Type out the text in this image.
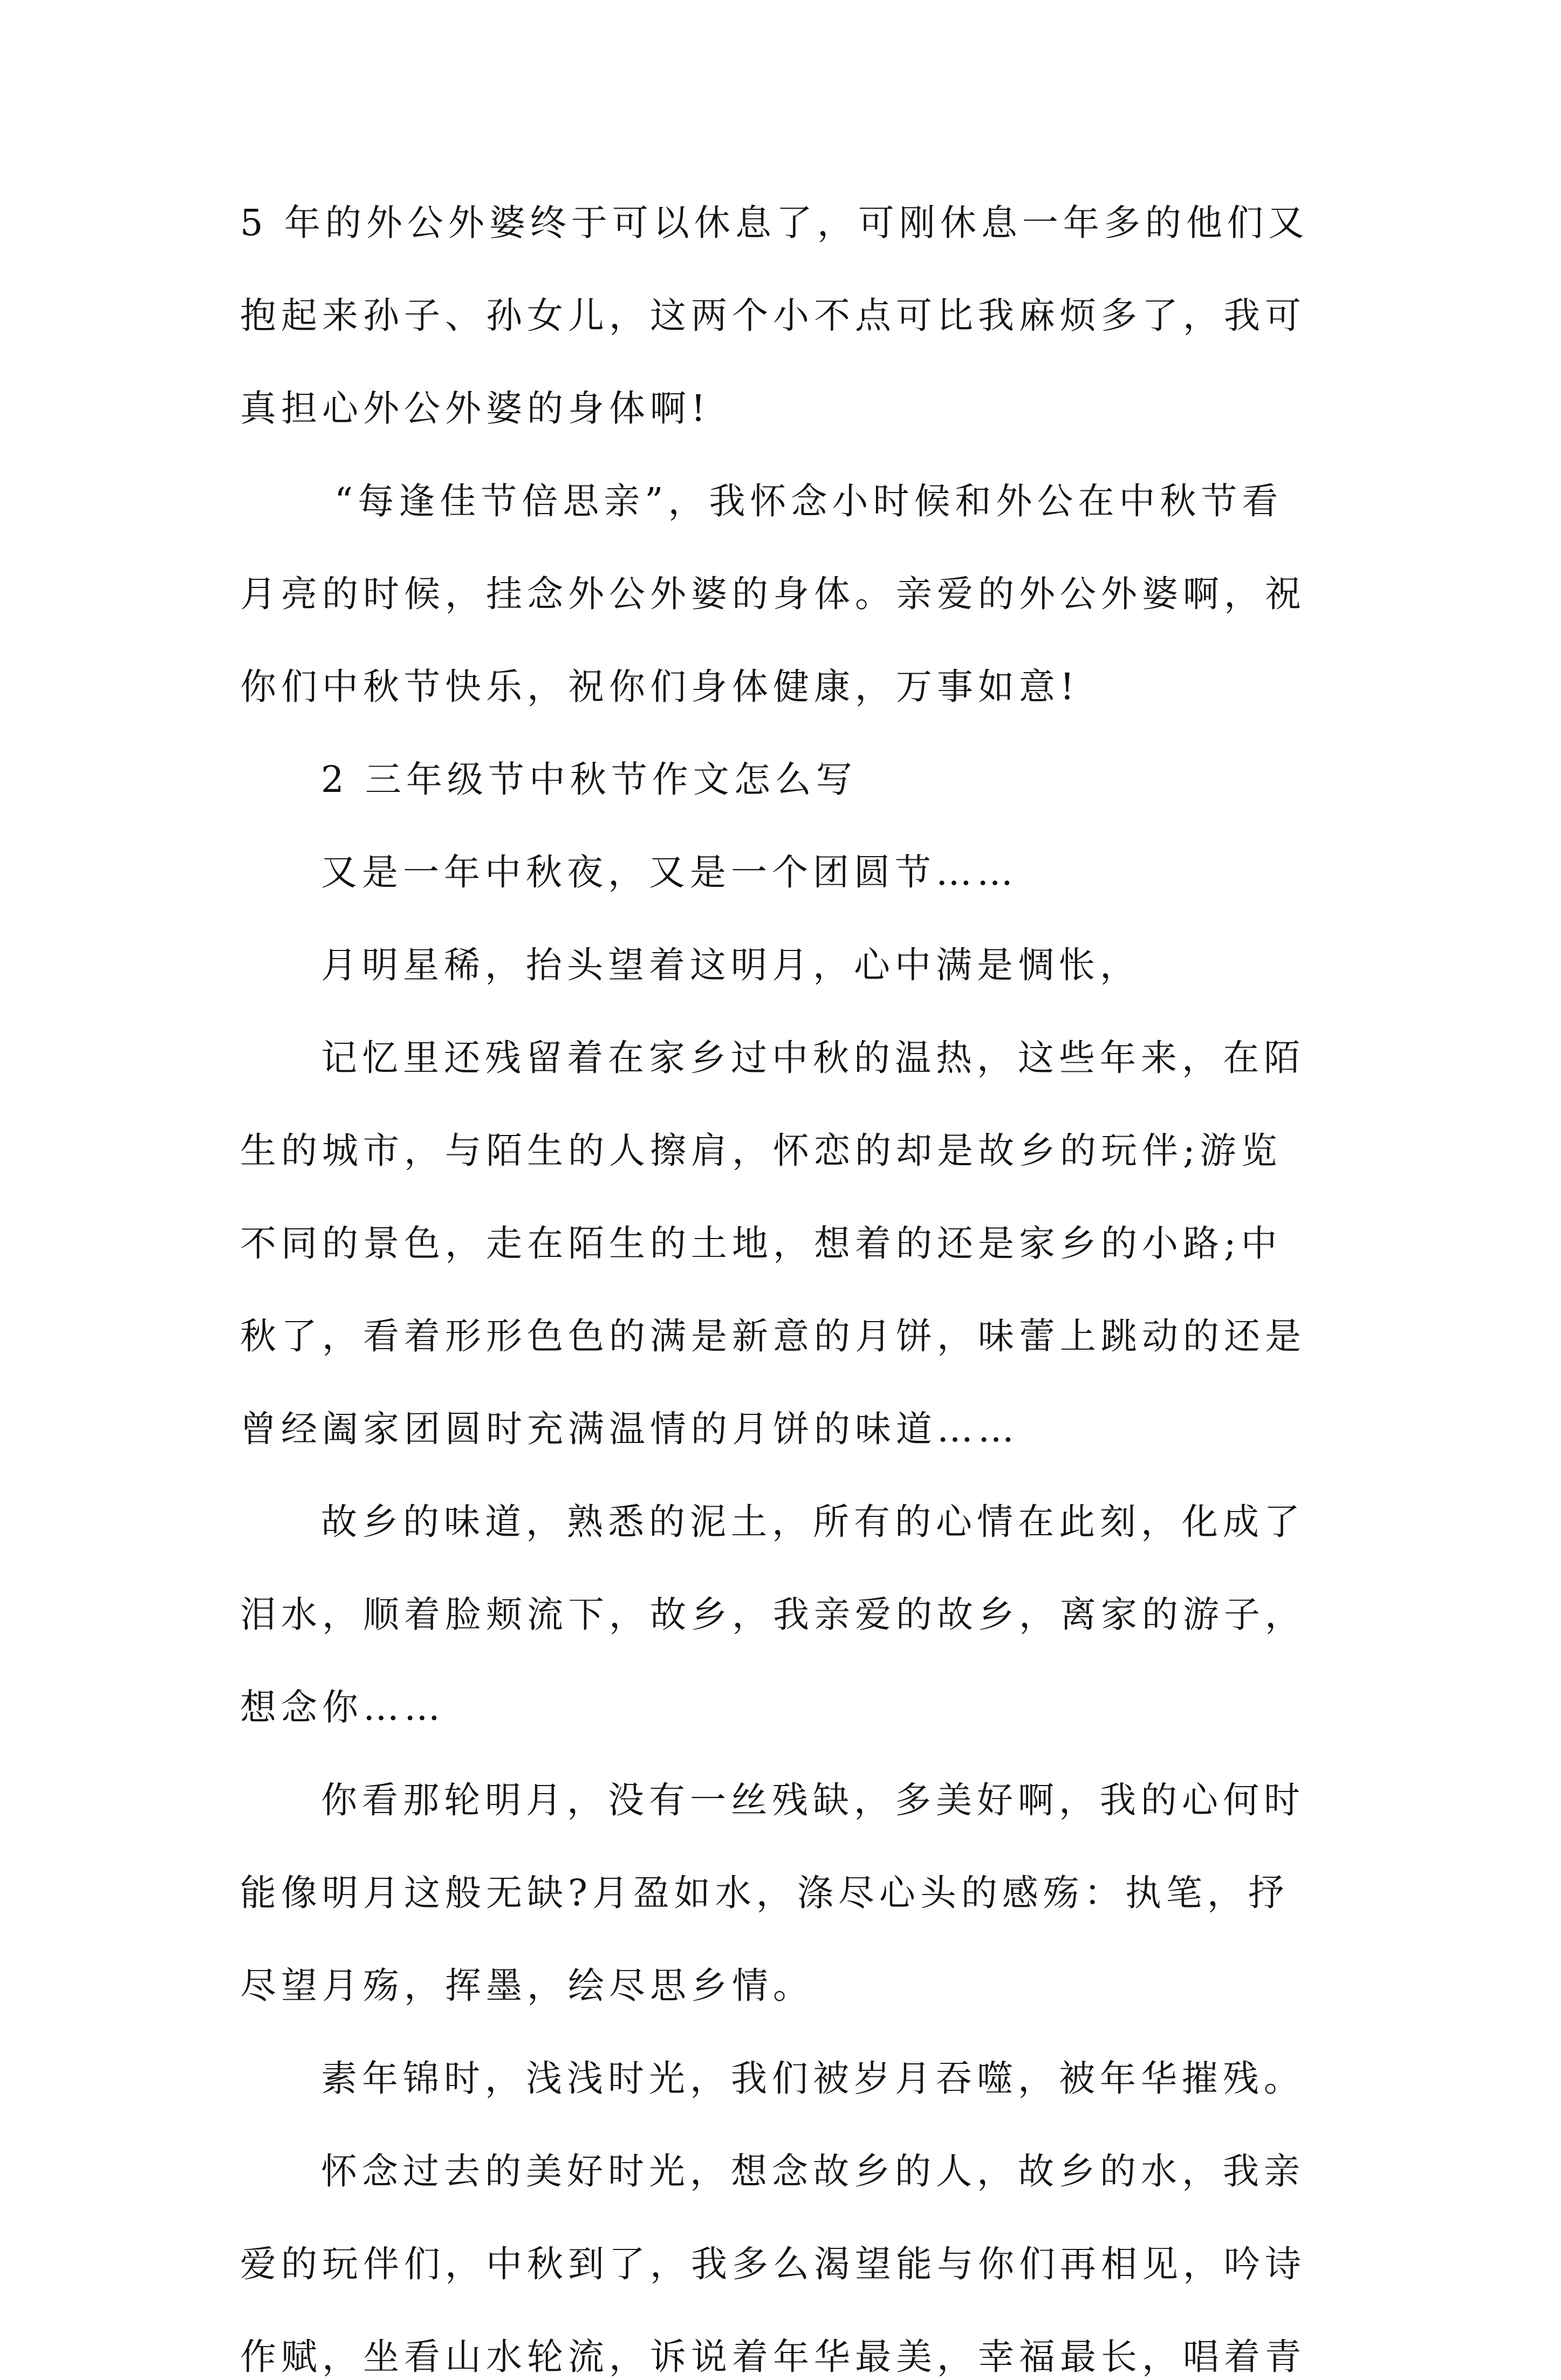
5 年的外公外婆终于可以休息了，可刚休息一年多的他们又

抱起来孙子、孙女儿，这两个小不点可比我麻烦多了，我可

真担心外公外婆的身体啊!

“每逢佳节倍思亲”，我怀念小时候和外公在中秋节看

月亮的时候，挂念外公外婆的身体。亲爱的外公外婆啊，祝

你们中秋节快乐，祝你们身体健康，万事如意!

2 三年级节中秋节作文怎么写

又是一年中秋夜，又是一个团圆节……

月明星稀，抬头望着这明月，心中满是惆怅，

记忆里还残留着在家乡过中秋的温热，这些年来，在陌

生的城市，与陌生的人擦肩，怀恋的却是故乡的玩伴;游览

不同的景色，走在陌生的土地，想着的还是家乡的小路;中

秋了，看着形形色色的满是新意的月饼，味蕾上跳动的还是

曾经阖家团圆时充满温情的月饼的味道……

故乡的味道，熟悉的泥土，所有的心情在此刻，化成了

泪水，顺着脸颊流下，故乡，我亲爱的故乡，离家的游子，

想念你……

你看那轮明月，没有一丝残缺，多美好啊，我的心何时

能像明月这般无缺?月盈如水，涤尽心头的感殇：执笔，抒

尽望月殇，挥墨，绘尽思乡情。

素年锦时，浅浅时光，我们被岁月吞噬，被年华摧残。

怀念过去的美好时光，想念故乡的人，故乡的水，我亲

爱的玩伴们，中秋到了，我多么渴望能与你们再相见，吟诗

作赋，坐看山水轮流，诉说着年华最美，幸福最长，唱着青
